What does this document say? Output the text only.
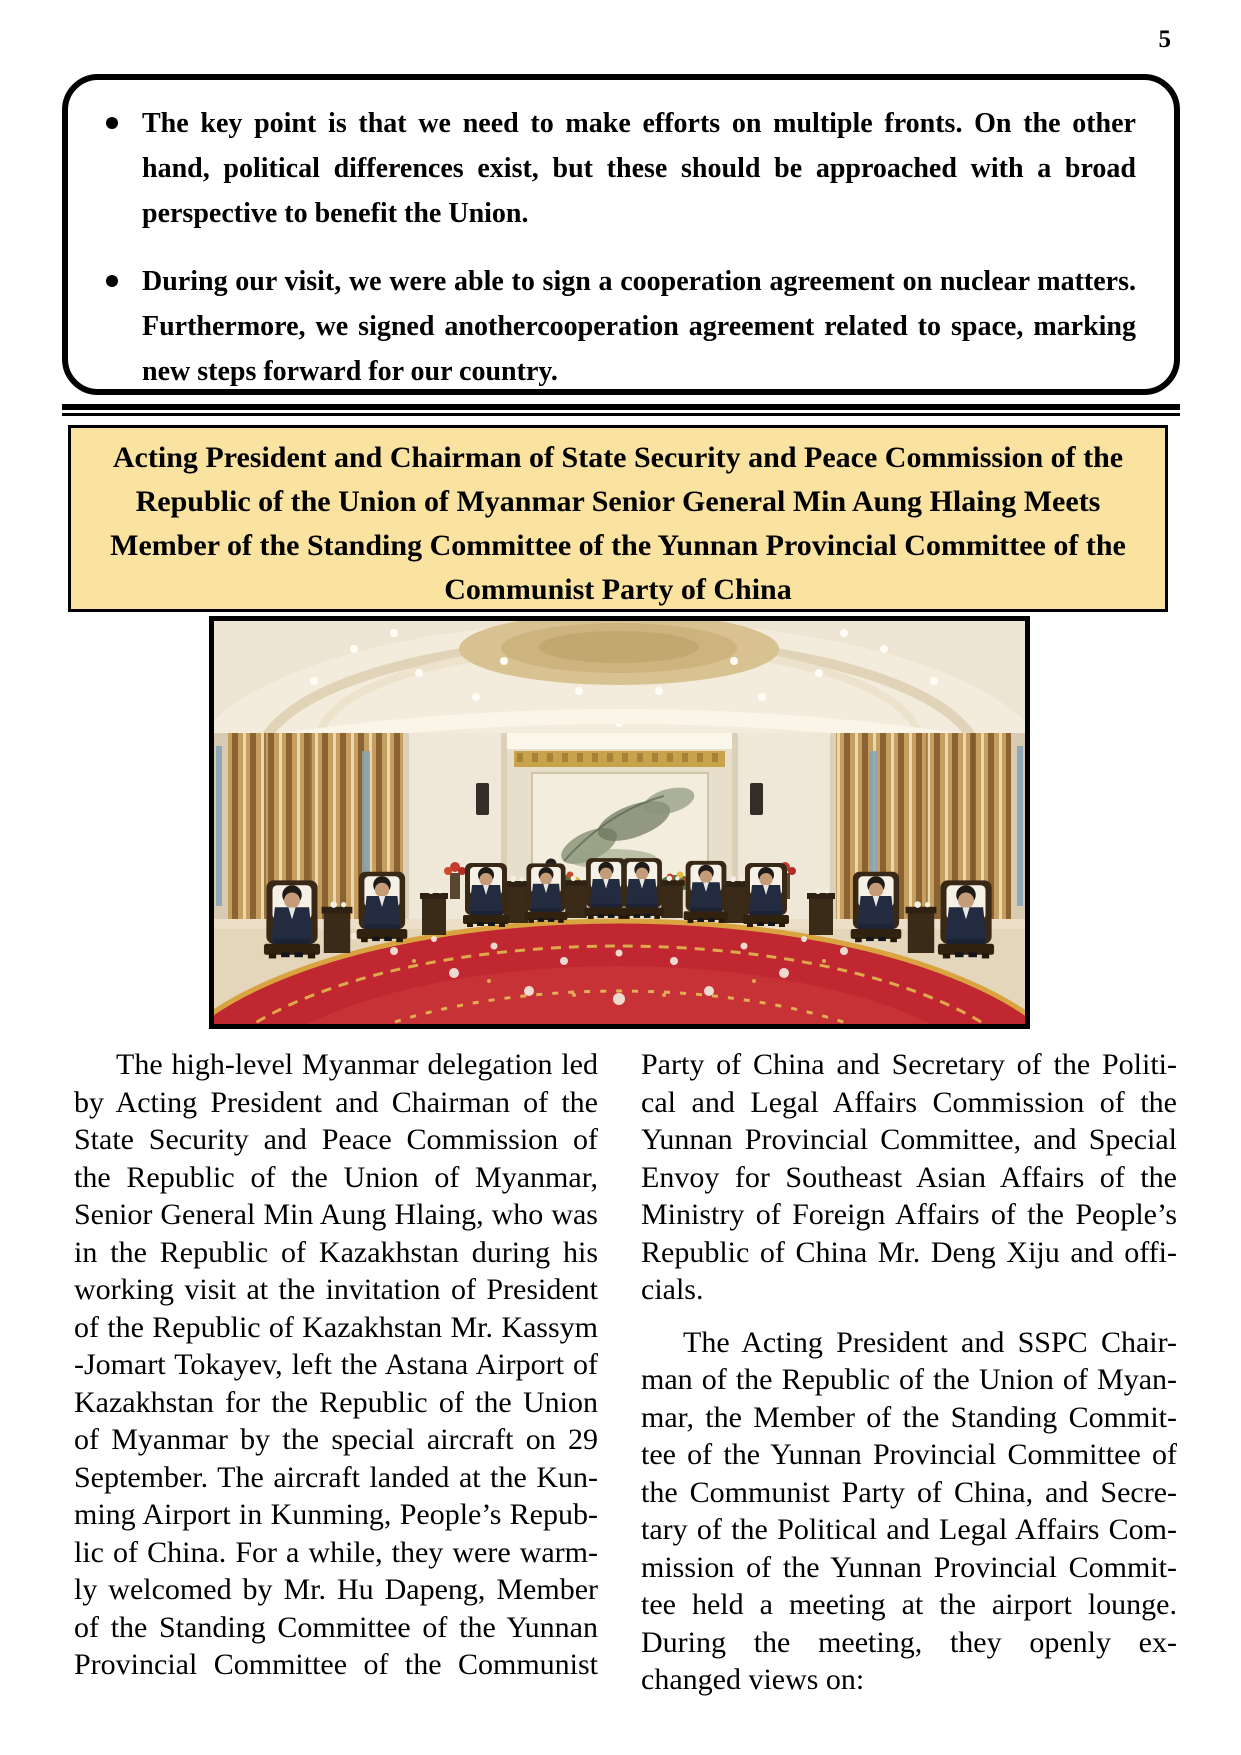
5
The key point is that we need to make efforts on multiple fronts. On the other
hand, political differences exist, but these should be approached with a broad
perspective to benefit the Union.
During our visit, we were able to sign a cooperation agreement on nuclear matters.
Furthermore, we signed anothercooperation agreement related to space, marking
new steps forward for our country.
Acting President and Chairman of State Security and Peace Commission of the
Republic of the Union of Myanmar Senior General Min Aung Hlaing Meets
Member of the Standing Committee of the Yunnan Provincial Committee of the
Communist Party of China
The high-level Myanmar delegation led
by Acting President and Chairman of the
State Security and Peace Commission of
the Republic of the Union of Myanmar,
Senior General Min Aung Hlaing, who was
in the Republic of Kazakhstan during his
working visit at the invitation of President
of the Republic of Kazakhstan Mr. Kassym
-Jomart Tokayev, left the Astana Airport of
Kazakhstan for the Republic of the Union
of Myanmar by the special aircraft on 29
September. The aircraft landed at the Kun-
ming Airport in Kunming, People’s Repub-
lic of China. For a while, they were warm-
ly welcomed by Mr. Hu Dapeng, Member
of the Standing Committee of the Yunnan
Provincial Committee of the Communist
Party of China and Secretary of the Politi-
cal and Legal Affairs Commission of the
Yunnan Provincial Committee, and Special
Envoy for Southeast Asian Affairs of the
Ministry of Foreign Affairs of the People’s
Republic of China Mr. Deng Xiju and offi-
cials.
The Acting President and SSPC Chair-
man of the Republic of the Union of Myan-
mar, the Member of the Standing Commit-
tee of the Yunnan Provincial Committee of
the Communist Party of China, and Secre-
tary of the Political and Legal Affairs Com-
mission of the Yunnan Provincial Commit-
tee held a meeting at the airport lounge.
During the meeting, they openly ex-
changed views on:
